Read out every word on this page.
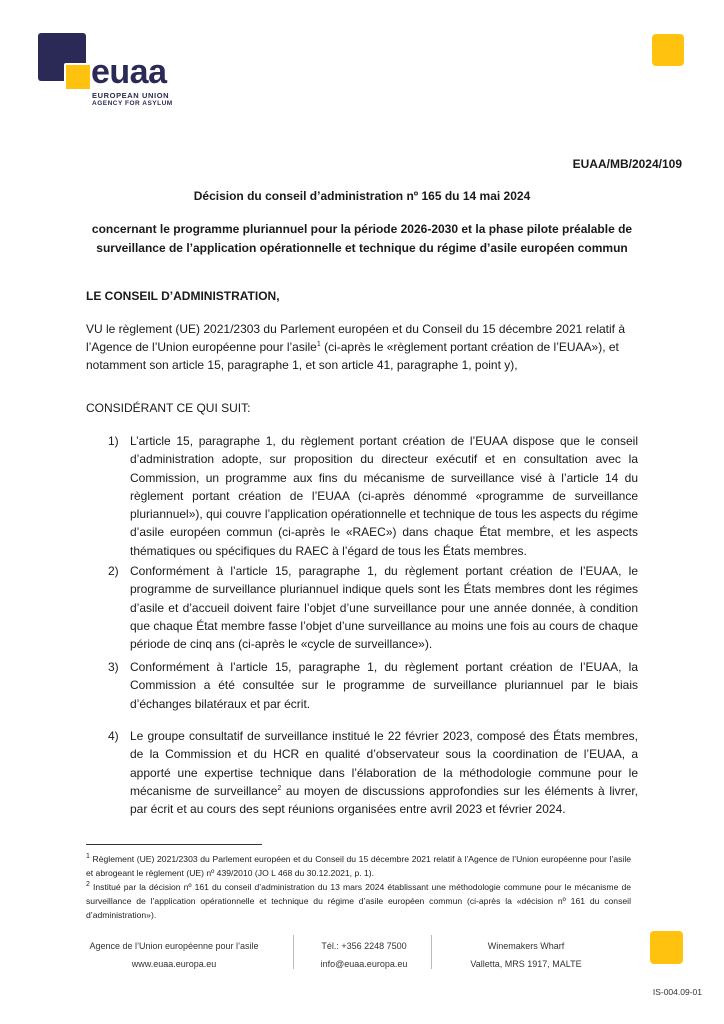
euaa
EUROPEAN UNION
AGENCY FOR ASYLUM
EUAA/MB/2024/109
Décision du conseil d’administration nº 165 du 14 mai 2024
concernant le programme pluriannuel pour la période 2026-2030 et la phase pilote préalable de surveillance de l’application opérationnelle et technique du régime d’asile européen commun
LE CONSEIL D’ADMINISTRATION,
VU le règlement (UE) 2021/2303 du Parlement européen et du Conseil du 15 décembre 2021 relatif à l’Agence de l’Union européenne pour l’asile$^1$ (ci-après le «règlement portant création de l’EUAA»), et notamment son article 15, paragraphe 1, et son article 41, paragraphe 1, point y),
CONSIDÉRANT CE QUI SUIT:
1) L’article 15, paragraphe 1, du règlement portant création de l’EUAA dispose que le conseil d’administration adopte, sur proposition du directeur exécutif et en consultation avec la Commission, un programme aux fins du mécanisme de surveillance visé à l’article 14 du règlement portant création de l’EUAA (ci-après dénommé «programme de surveillance pluriannuel»), qui couvre l’application opérationnelle et technique de tous les aspects du régime d’asile européen commun (ci-après le «RAEC») dans chaque État membre, et les aspects thématiques ou spécifiques du RAEC à l’égard de tous les États membres.
2) Conformément à l’article 15, paragraphe 1, du règlement portant création de l’EUAA, le programme de surveillance pluriannuel indique quels sont les États membres dont les régimes d’asile et d’accueil doivent faire l’objet d’une surveillance pour une année donnée, à condition que chaque État membre fasse l’objet d’une surveillance au moins une fois au cours de chaque période de cinq ans (ci-après le «cycle de surveillance»).
3) Conformément à l’article 15, paragraphe 1, du règlement portant création de l’EUAA, la Commission a été consultée sur le programme de surveillance pluriannuel par le biais d’échanges bilatéraux et par écrit.
4) Le groupe consultatif de surveillance institué le 22 février 2023, composé des États membres, de la Commission et du HCR en qualité d’observateur sous la coordination de l’EUAA, a apporté une expertise technique dans l’élaboration de la méthodologie commune pour le mécanisme de surveillance$^2$ au moyen de discussions approfondies sur les éléments à livrer, par écrit et au cours des sept réunions organisées entre avril 2023 et février 2024.
$^1$ Règlement (UE) 2021/2303 du Parlement européen et du Conseil du 15 décembre 2021 relatif à l’Agence de l’Union européenne pour l’asile et abrogeant le règlement (UE) nº 439/2010 (JO L 468 du 30.12.2021, p. 1).
$^2$ Institué par la décision nº 161 du conseil d’administration du 13 mars 2024 établissant une méthodologie commune pour le mécanisme de surveillance de l’application opérationnelle et technique du régime d’asile européen commun (ci-après la «décision nº 161 du conseil d’administration»).
Agence de l’Union européenne pour l’asile
www.euaa.europa.eu
Tél.: +356 2248 7500
info@euaa.europa.eu
Winemakers Wharf
Valletta, MRS 1917, MALTE
IS-004.09-01
